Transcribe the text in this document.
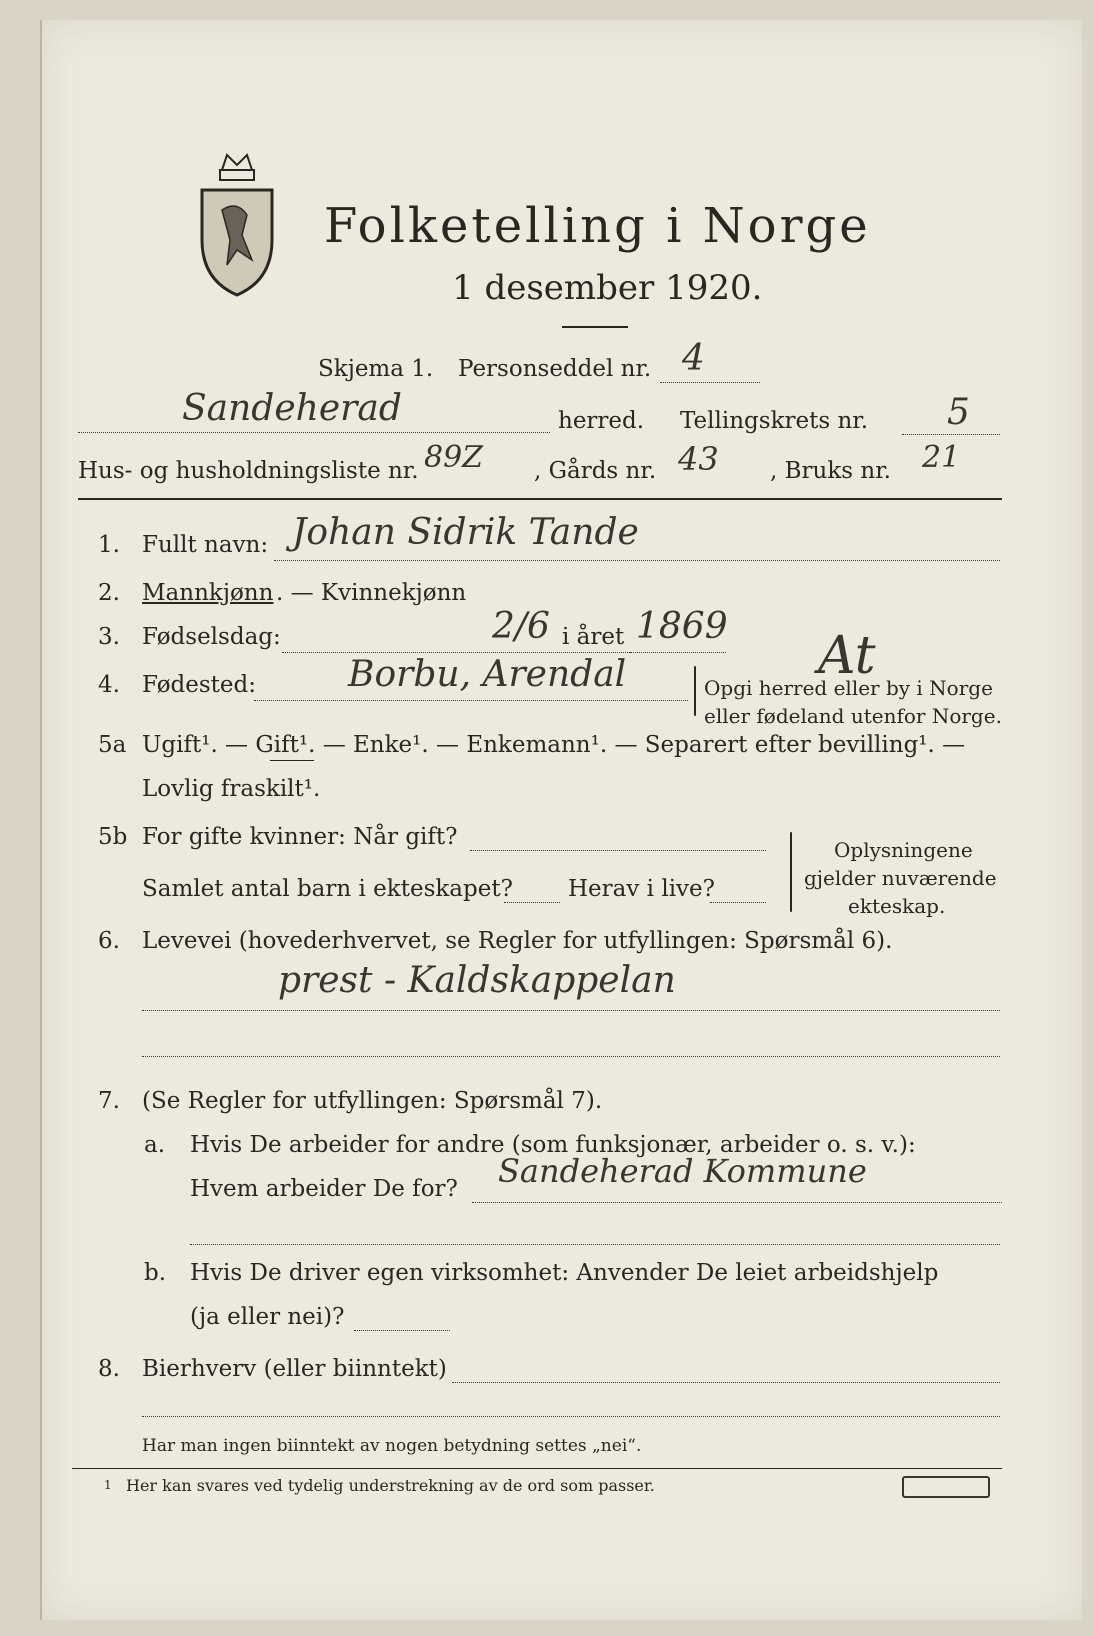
Folketelling i Norge
1 desember 1920.
Skjema 1. Personseddel nr. 4
Sandeherad	herred. Tellingskrets nr. 5
Hus- og husholdningsliste nr. 89Z , Gårds nr. 43 , Bruks nr. 21
1. Fullt navn: Johan Sidrik Tande
2. Mannkjønn . — Kvinnekjønn
3. Fødselsdag:	2/6 i året 1869
4. Fødested:	Borbu, Arendal	Opgi herred eller by i Norge
eller fødeland utenfor Norge.
At
5a Ugift¹. — Gift¹. — Enke¹. — Enkemann¹. — Separert efter bevilling¹. —
Lovlig fraskilt¹.
5b For gifte kvinner: Når gift?
Samlet antal barn i ekteskapet? Herav i live?
Oplysningene
gjelder nuværende
ekteskap.
6. Levevei (hovederhvervet, se Regler for utfyllingen: Spørsmål 6).
prest - Kaldskappelan
7. (Se Regler for utfyllingen: Spørsmål 7).
a. Hvis De arbeider for andre (som funksjonær, arbeider o. s. v.):
Hvem arbeider De for? Sandeherad Kommune
b. Hvis De driver egen virksomhet: Anvender De leiet arbeidshjelp
(ja eller nei)?
8. Bierhverv (eller biinntekt)
Har man ingen biinntekt av nogen betydning settes „nei“.
1 Her kan svares ved tydelig understrekning av de ord som passer.
